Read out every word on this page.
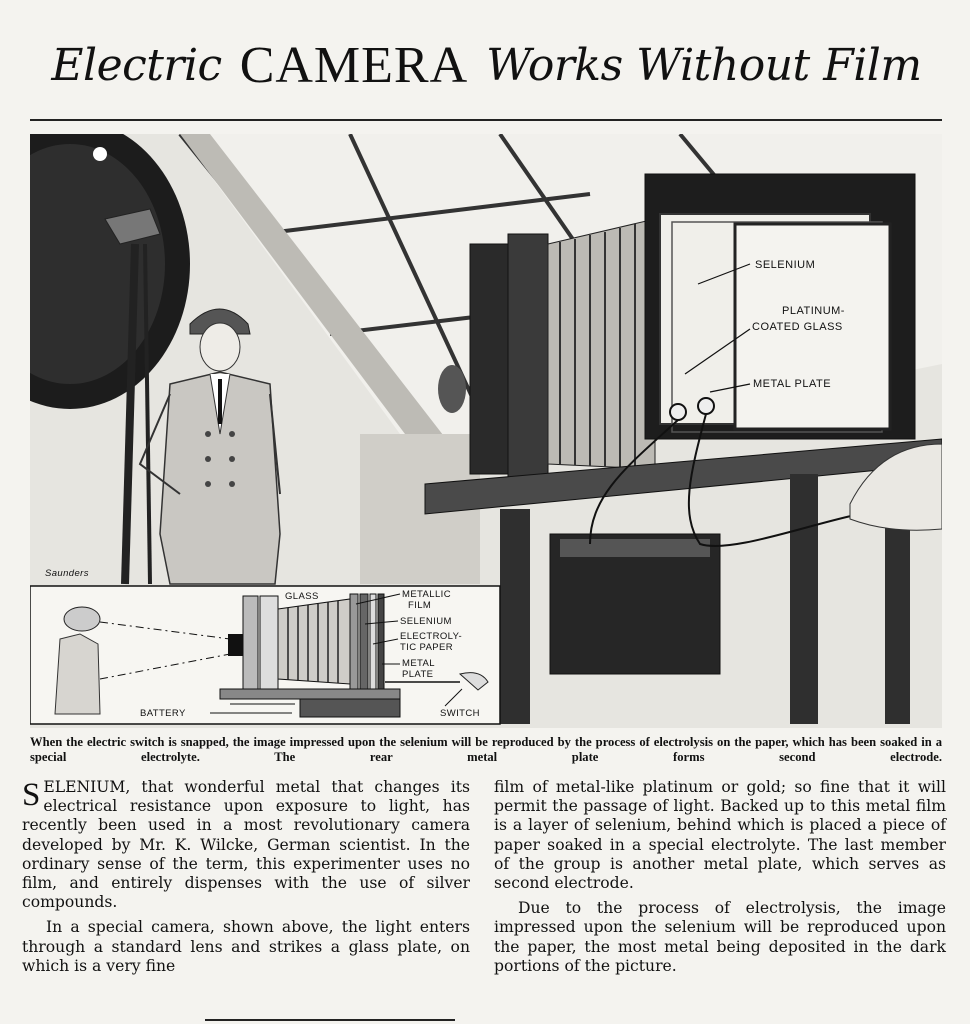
Electric CAMERA Works Without Film
Saunders
SELENIUM
PLATINUM-
COATED GLASS
METAL PLATE
BATTERY	SWITCH
GLASS	METALLIC
FILM
SELENIUM
ELECTROLY-
TIC PAPER
METAL
PLATE
When the electric switch is snapped, the image impressed upon the selenium will be reproduced by the process of electrolysis on the paper, which has been soaked in a special electrolyte. The rear metal plate forms second electrode.

SELENIUM, that wonderful metal that changes its electrical resistance upon exposure to light, has recently been used in a most revolutionary camera developed by Mr. K. Wilcke, German scientist. In the ordinary sense of the term, this experimenter uses no film, and entirely dispenses with the use of silver compounds.

In a special camera, shown above, the light enters through a standard lens and strikes a glass plate, on which is a very fine

film of metal-like platinum or gold; so fine that it will permit the passage of light. Backed up to this metal film is a layer of selenium, behind which is placed a piece of paper soaked in a special electrolyte. The last member of the group is another metal plate, which serves as second electrode.

Due to the process of electrolysis, the image impressed upon the selenium will be reproduced upon the paper, the most metal being deposited in the dark portions of the picture.
